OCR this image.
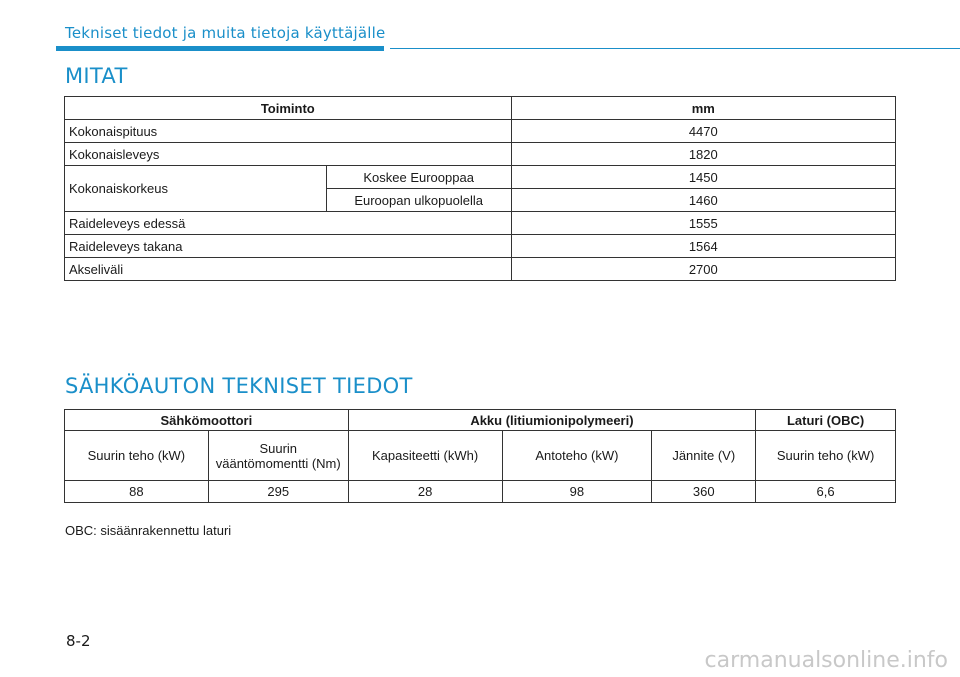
Tekniset tiedot ja muita tietoja käyttäjälle
MITAT
Toiminto		mm
Kokonaispituus		4470
Kokonaisleveys		1820
Kokonaiskorkeus	Koskee Eurooppaa	1450
	Euroopan ulkopuolella	1460
Raideleveys edessä		1555
Raideleveys takana		1564
Akseliväli		2700
SÄHKÖAUTON TEKNISET TIEDOT
Sähkömoottori		Akku (litiumionipolymeeri)			Laturi (OBC)
Suurin teho (kW)	Suurin vääntömomentti (Nm)	Kapasiteetti (kWh)	Antoteho (kW)	Jännite (V)	Suurin teho (kW)
88	295	28	98	360	6,6
OBC: sisäänrakennettu laturi
8-2
carmanualsonline.info
